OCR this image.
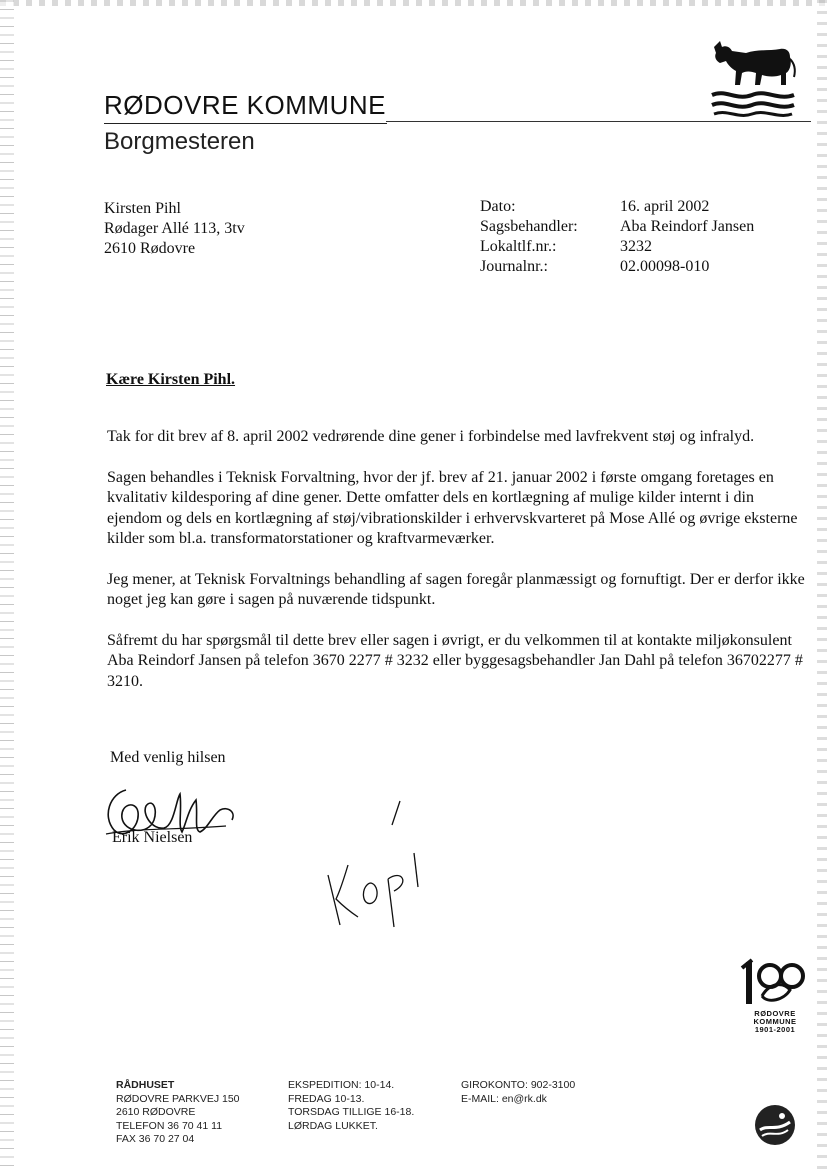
RØDOVRE KOMMUNE
Borgmesteren
Kirsten Pihl
Rødager Allé 113, 3tv
2610 Rødovre
Dato:	16. april 2002
Sagsbehandler:	Aba Reindorf Jansen
Lokaltlf.nr.:	3232
Journalnr.:	02.00098-010
Kære Kirsten Pihl.

Tak for dit brev af 8. april 2002 vedrørende dine gener i forbindelse med lavfrekvent støj og infralyd.

Sagen behandles i Teknisk Forvaltning, hvor der jf. brev af 21. januar 2002 i første omgang foretages en kvalitativ kildesporing af dine gener. Dette omfatter dels en kortlægning af mulige kilder internt i din ejendom og dels en kortlægning af støj/vibrationskilder i erhvervskvarteret på Mose Allé og øvrige eksterne kilder som bl.a. transformatorstationer og kraftvarmeværker.

Jeg mener, at Teknisk Forvaltnings behandling af sagen foregår planmæssigt og fornuftigt. Der er derfor ikke noget jeg kan gøre i sagen på nuværende tidspunkt.

Såfremt du har spørgsmål til dette brev eller sagen i øvrigt, er du velkommen til at kontakte miljøkonsulent Aba Reindorf Jansen på telefon 3670 2277 # 3232 eller byggesagsbehandler Jan Dahl på telefon 36702277 # 3210.

Med venlig hilsen
Erik Nielsen
RØDOVRE
KOMMUNE
1901-2001
RÅDHUSET
RØDOVRE PARKVEJ 150
2610 RØDOVRE
TELEFON 36 70 41 11
FAX 36 70 27 04
EKSPEDITION: 10-14.
FREDAG 10-13.
TORSDAG TILLIGE 16-18.
LØRDAG LUKKET.
GIROKONTO: 902-3100
E-MAIL: en@rk.dk
